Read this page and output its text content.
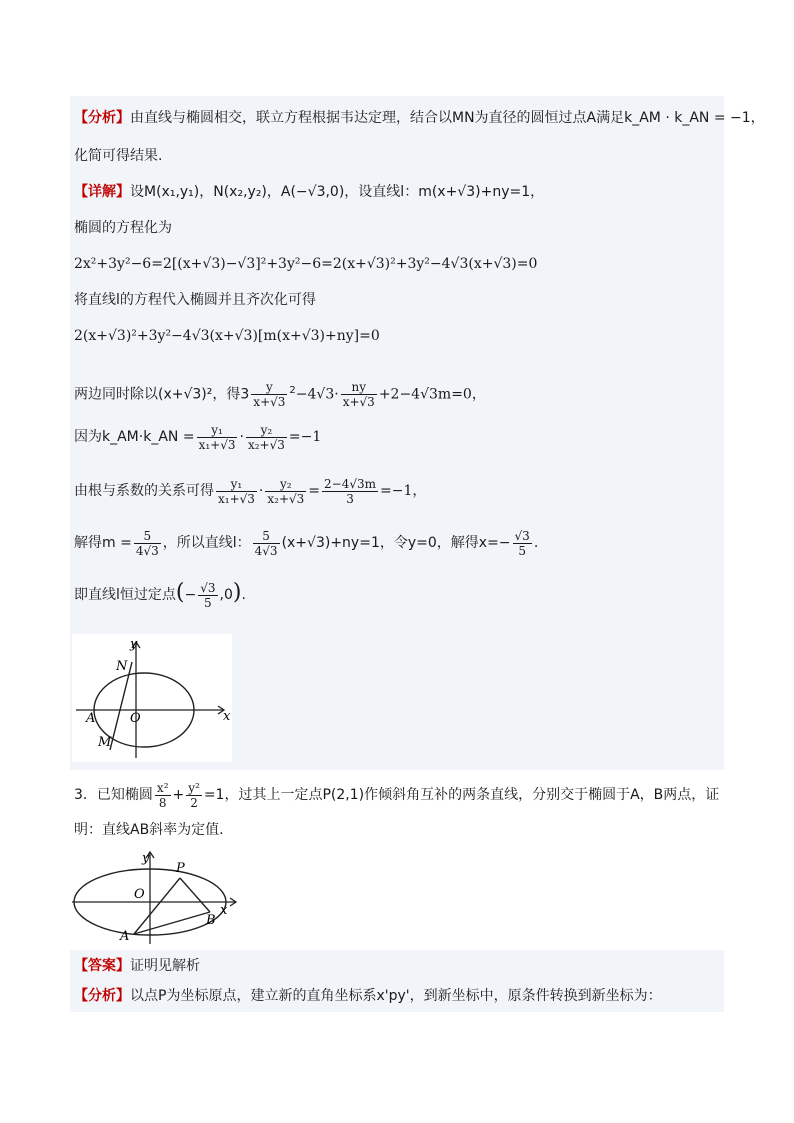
【分析】由直线与椭圆相交，联立方程根据韦达定理，结合以MN为直径的圆恒过点A满足k_AM · k_AN = −1，
化简可得结果.
【详解】设M(x₁,y₁)，N(x₂,y₂)，A(−√3,0)，设直线l：m(x+√3)+ny=1，
椭圆的方程化为
2x²+3y²−6=2[(x+√3)−√3]²+3y²−6=2(x+√3)²+3y²−4√3(x+√3)=0
将直线l的方程代入椭圆并且齐次化可得
2(x+√3)²+3y²−4√3(x+√3)[m(x+√3)+ny]=0
两边同时除以(x+√3)²，得$3 \frac{y}{x+√3} ^2-4√3\cdot \frac{ny}{x+√3} +2-4√3m=0$，
因为k_AM·k_AN = $\frac{\text{y₁}}{\text{x₁+√3}} \cdot \frac{\text{y₂}}{\text{x₂+√3}} =-1$
由根与系数的关系可得 $\frac{\text{y₁}}{\text{x₁+√3}} \cdot \frac{\text{y₂}}{\text{x₂+√3}} = \frac{2-4√3m}{3} =-1$，
解得$m = \frac{5}{4√3}$ ，所以直线l： $\frac{5}{4√3} (x+√3)+ny=1$，令y=0，解得$x=- \frac{√3}{5}$ .
即直线l恒过定点(− $\frac{√3}{5} ,0$).
y
x
O
A
N
M
3．已知椭圆 $\frac{\text{x²}}{8} + \frac{\text{y²}}{2} =1$，过其上一定点P(2,1)作倾斜角互补的两条直线，分别交于椭圆于A，B两点，证
明：直线AB斜率为定值.
y
x
O
P
A
B
【答案】证明见解析
【分析】以点P为坐标原点，建立新的直角坐标系x'py'，到新坐标中，原条件转换到新坐标为：
